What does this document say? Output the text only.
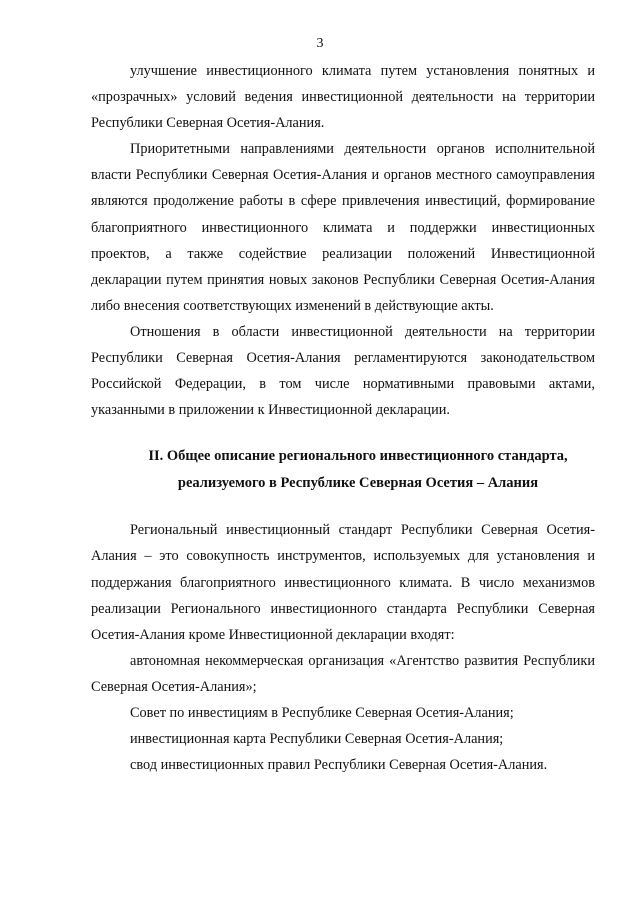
3

улучшение инвестиционного климата путем установления понятных и «прозрачных» условий ведения инвестиционной деятельности на территории Республики Северная Осетия-Алания.

Приоритетными направлениями деятельности органов исполнительной власти Республики Северная Осетия-Алания и органов местного самоуправления являются продолжение работы в сфере привлечения инвестиций, формирование благоприятного инвестиционного климата и поддержки инвестиционных проектов, а также содействие реализации положений Инвестиционной декларации путем принятия новых законов Республики Северная Осетия-Алания либо внесения соответствующих изменений в действующие акты.

Отношения в области инвестиционной деятельности на территории Республики Северная Осетия-Алания регламентируются законодательством Российской Федерации, в том числе нормативными правовыми актами, указанными в приложении к Инвестиционной декларации.

II. Общее описание регионального инвестиционного стандарта,
реализуемого в Республике Северная Осетия – Алания

Региональный инвестиционный стандарт Республики Северная Осетия-Алания – это совокупность инструментов, используемых для установления и поддержания благоприятного инвестиционного климата. В число механизмов реализации Регионального инвестиционного стандарта Республики Северная Осетия-Алания кроме Инвестиционной декларации входят:

автономная некоммерческая организация «Агентство развития Республики Северная Осетия-Алания»;

Совет по инвестициям в Республике Северная Осетия-Алания;

инвестиционная карта Республики Северная Осетия-Алания;

свод инвестиционных правил Республики Северная Осетия-Алания.
